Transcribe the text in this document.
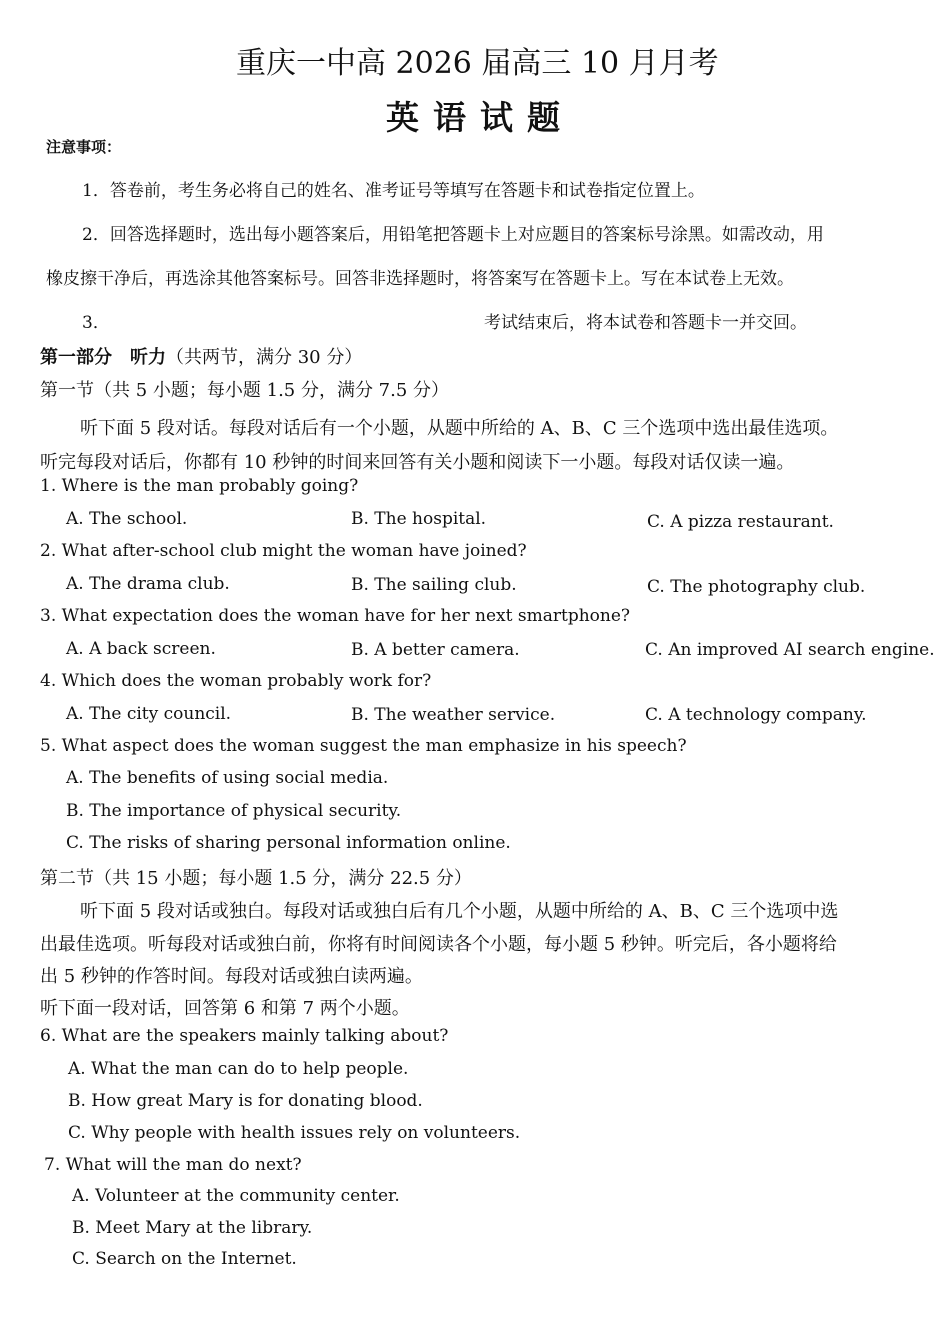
重庆一中高 2026 届高三 10 月月考
英语试题
注意事项：
1．答卷前，考生务必将自己的姓名、准考证号等填写在答题卡和试卷指定位置上。
2．回答选择题时，选出每小题答案后，用铅笔把答题卡上对应题目的答案标号涂黑。如需改动，用
橡皮擦干净后，再选涂其他答案标号。回答非选择题时，将答案写在答题卡上。写在本试卷上无效。
3．	考试结束后，将本试卷和答题卡一并交回。
第一部分　听力（共两节，满分 30 分）
第一节（共 5 小题；每小题 1.5 分，满分 7.5 分）
听下面 5 段对话。每段对话后有一个小题，从题中所给的 A、B、C 三个选项中选出最佳选项。
听完每段对话后，你都有 10 秒钟的时间来回答有关小题和阅读下一小题。每段对话仅读一遍。
1. Where is the man probably going?
A. The school.	B. The hospital.	C. A pizza restaurant.
2. What after-school club might the woman have joined?
A. The drama club.	B. The sailing club.	C. The photography club.
3. What expectation does the woman have for her next smartphone?
A. A back screen.	B. A better camera.	C. An improved AI search engine.
4. Which does the woman probably work for?
A. The city council.	B. The weather service.	C. A technology company.
5. What aspect does the woman suggest the man emphasize in his speech?
A. The benefits of using social media.
B. The importance of physical security.
C. The risks of sharing personal information online.
第二节（共 15 小题；每小题 1.5 分，满分 22.5 分）
听下面 5 段对话或独白。每段对话或独白后有几个小题，从题中所给的 A、B、C 三个选项中选
出最佳选项。听每段对话或独白前，你将有时间阅读各个小题，每小题 5 秒钟。听完后，各小题将给
出 5 秒钟的作答时间。每段对话或独白读两遍。
听下面一段对话，回答第 6 和第 7 两个小题。
6. What are the speakers mainly talking about?
A. What the man can do to help people.
B. How great Mary is for donating blood.
C. Why people with health issues rely on volunteers.
7. What will the man do next?
A. Volunteer at the community center.
B. Meet Mary at the library.
C. Search on the Internet.
